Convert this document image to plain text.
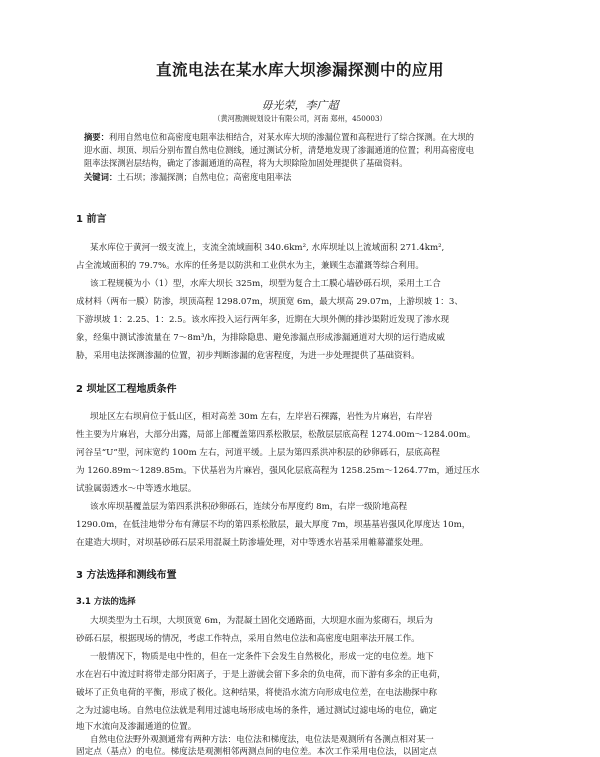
直流电法在某水库大坝渗漏探测中的应用
毋光荣，李广超
（黄河勘测规划设计有限公司，河南 郑州，450003）
摘要：利用自然电位和高密度电阻率法相结合，对某水库大坝的渗漏位置和高程进行了综合探测。在大坝的
迎水面、坝顶、坝后分别布置自然电位测线，通过测试分析，清楚地发现了渗漏通道的位置；利用高密度电
阻率法探测岩层结构，确定了渗漏通道的高程，将为大坝除险加固处理提供了基础资料。
关键词：土石坝；渗漏探测；自然电位；高密度电阻率法
1 前言
某水库位于黄河一级支流上，支流全流域面积 340.6km², 水库坝址以上流域面积 271.4km²,
占全流域面积的 79.7%。水库的任务是以防洪和工业供水为主，兼顾生态灌溉等综合利用。
该工程规模为小（1）型，水库大坝长 325m，坝型为复合土工膜心墙砂砾石坝，采用土工合
成材料（两布一膜）防渗，坝顶高程 1298.07m，坝顶宽 6m，最大坝高 29.07m，上游坝坡 1：3、
下游坝坡 1：2.25、1：2.5。该水库投入运行两年多，近期在大坝外侧的排沙渠附近发现了渗水现
象，经集中测试渗流量在 7～8m³/h，为排除隐患、避免渗漏点形成渗漏通道对大坝的运行造成威
胁，采用电法探测渗漏的位置，初步判断渗漏的危害程度，为进一步处理提供了基础资料。
2 坝址区工程地质条件
坝址区左右坝肩位于低山区，相对高差 30m 左右，左岸岩石裸露，岩性为片麻岩，右岸岩
性主要为片麻岩，大部分出露，局部上部覆盖第四系松散层，松散层层底高程 1274.00m～1284.00m。
河谷呈“U”型，河床宽约 100m 左右，河道平缓。上层为第四系洪冲积层的砂卵砾石，层底高程
为 1260.89m～1289.85m。下伏基岩为片麻岩，强风化层底高程为 1258.25m～1264.77m，通过压水
试验属弱透水～中等透水地层。
该水库坝基覆盖层为第四系洪积砂卵砾石，连续分布厚度约 8m，右岸一级阶地高程
1290.0m，在低洼地带分布有薄层不均的第四系松散层，最大厚度 7m，坝基基岩强风化厚度达 10m，
在建造大坝时，对坝基砂砾石层采用混凝土防渗墙处理，对中等透水岩基采用帷幕灌浆处理。
3 方法选择和测线布置
3.1 方法的选择
大坝类型为土石坝，大坝顶宽 6m，为混凝土固化交通路面，大坝迎水面为浆砌石，坝后为
砂砾石层，根据现场的情况，考虑工作特点，采用自然电位法和高密度电阻率法开展工作。
一般情况下，物质是电中性的，但在一定条件下会发生自然极化，形成一定的电位差。地下
水在岩石中流过时将带走部分阳离子，于是上游就会留下多余的负电荷，而下游有多余的正电荷，
破坏了正负电荷的平衡，形成了极化。这种结果，将使沿水流方向形成电位差，在电法勘探中称
之为过滤电场。自然电位法就是利用过滤电场形成电场的条件，通过测试过滤电场的电位，确定
地下水流向及渗漏通道的位置。
自然电位法野外观测通常有两种方法：电位法和梯度法，电位法是观测所有各测点相对某一
固定点（基点）的电位。梯度法是观测相邻两测点间的电位差。本次工作采用电位法，以固定点
